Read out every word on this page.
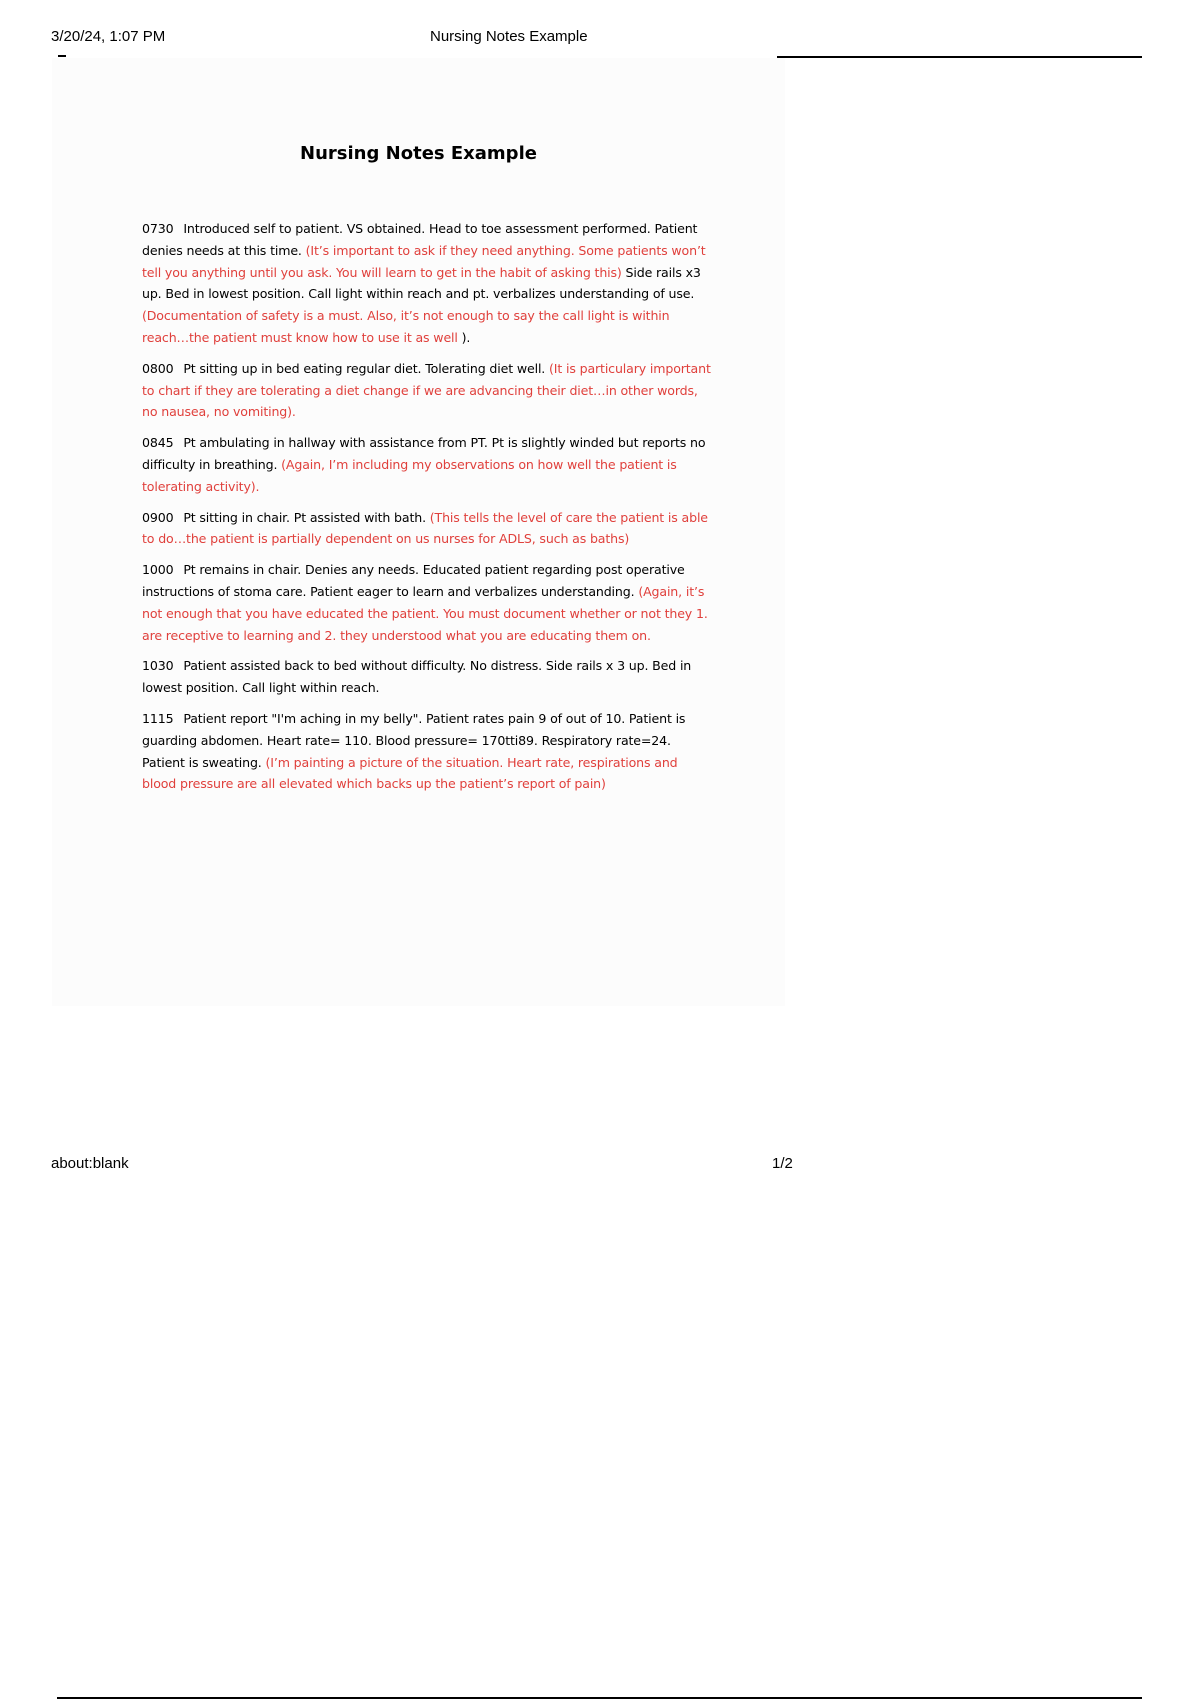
3/20/24, 1:07 PM	Nursing Notes Example
Nursing Notes Example

0730 Introduced self to patient. VS obtained. Head to toe assessment performed. Patient denies needs at this time. (It’s important to ask if they need anything. Some patients won’t tell you anything until you ask. You will learn to get in the habit of asking this) Side rails x3 up. Bed in lowest position. Call light within reach and pt. verbalizes understanding of use. (Documentation of safety is a must. Also, it’s not enough to say the call light is within reach…the patient must know how to use it as well ).

0800 Pt sitting up in bed eating regular diet. Tolerating diet well. (It is particulary important to chart if they are tolerating a diet change if we are advancing their diet…in other words, no nausea, no vomiting).

0845 Pt ambulating in hallway with assistance from PT. Pt is slightly winded but reports no difficulty in breathing. (Again, I’m including my observations on how well the patient is tolerating activity).

0900 Pt sitting in chair. Pt assisted with bath. (This tells the level of care the patient is able to do…the patient is partially dependent on us nurses for ADLS, such as baths)

1000 Pt remains in chair. Denies any needs. Educated patient regarding post operative instructions of stoma care. Patient eager to learn and verbalizes understanding. (Again, it’s not enough that you have educated the patient. You must document whether or not they 1. are receptive to learning and 2. they understood what you are educating them on.

1030 Patient assisted back to bed without difficulty. No distress. Side rails x 3 up. Bed in lowest position. Call light within reach.

1115 Patient report "I'm aching in my belly". Patient rates pain 9 of out of 10. Patient is guarding abdomen. Heart rate= 110. Blood pressure= 170tti89. Respiratory rate=24. Patient is sweating. (I’m painting a picture of the situation. Heart rate, respirations and blood pressure are all elevated which backs up the patient’s report of pain)

about:blank	1/2
